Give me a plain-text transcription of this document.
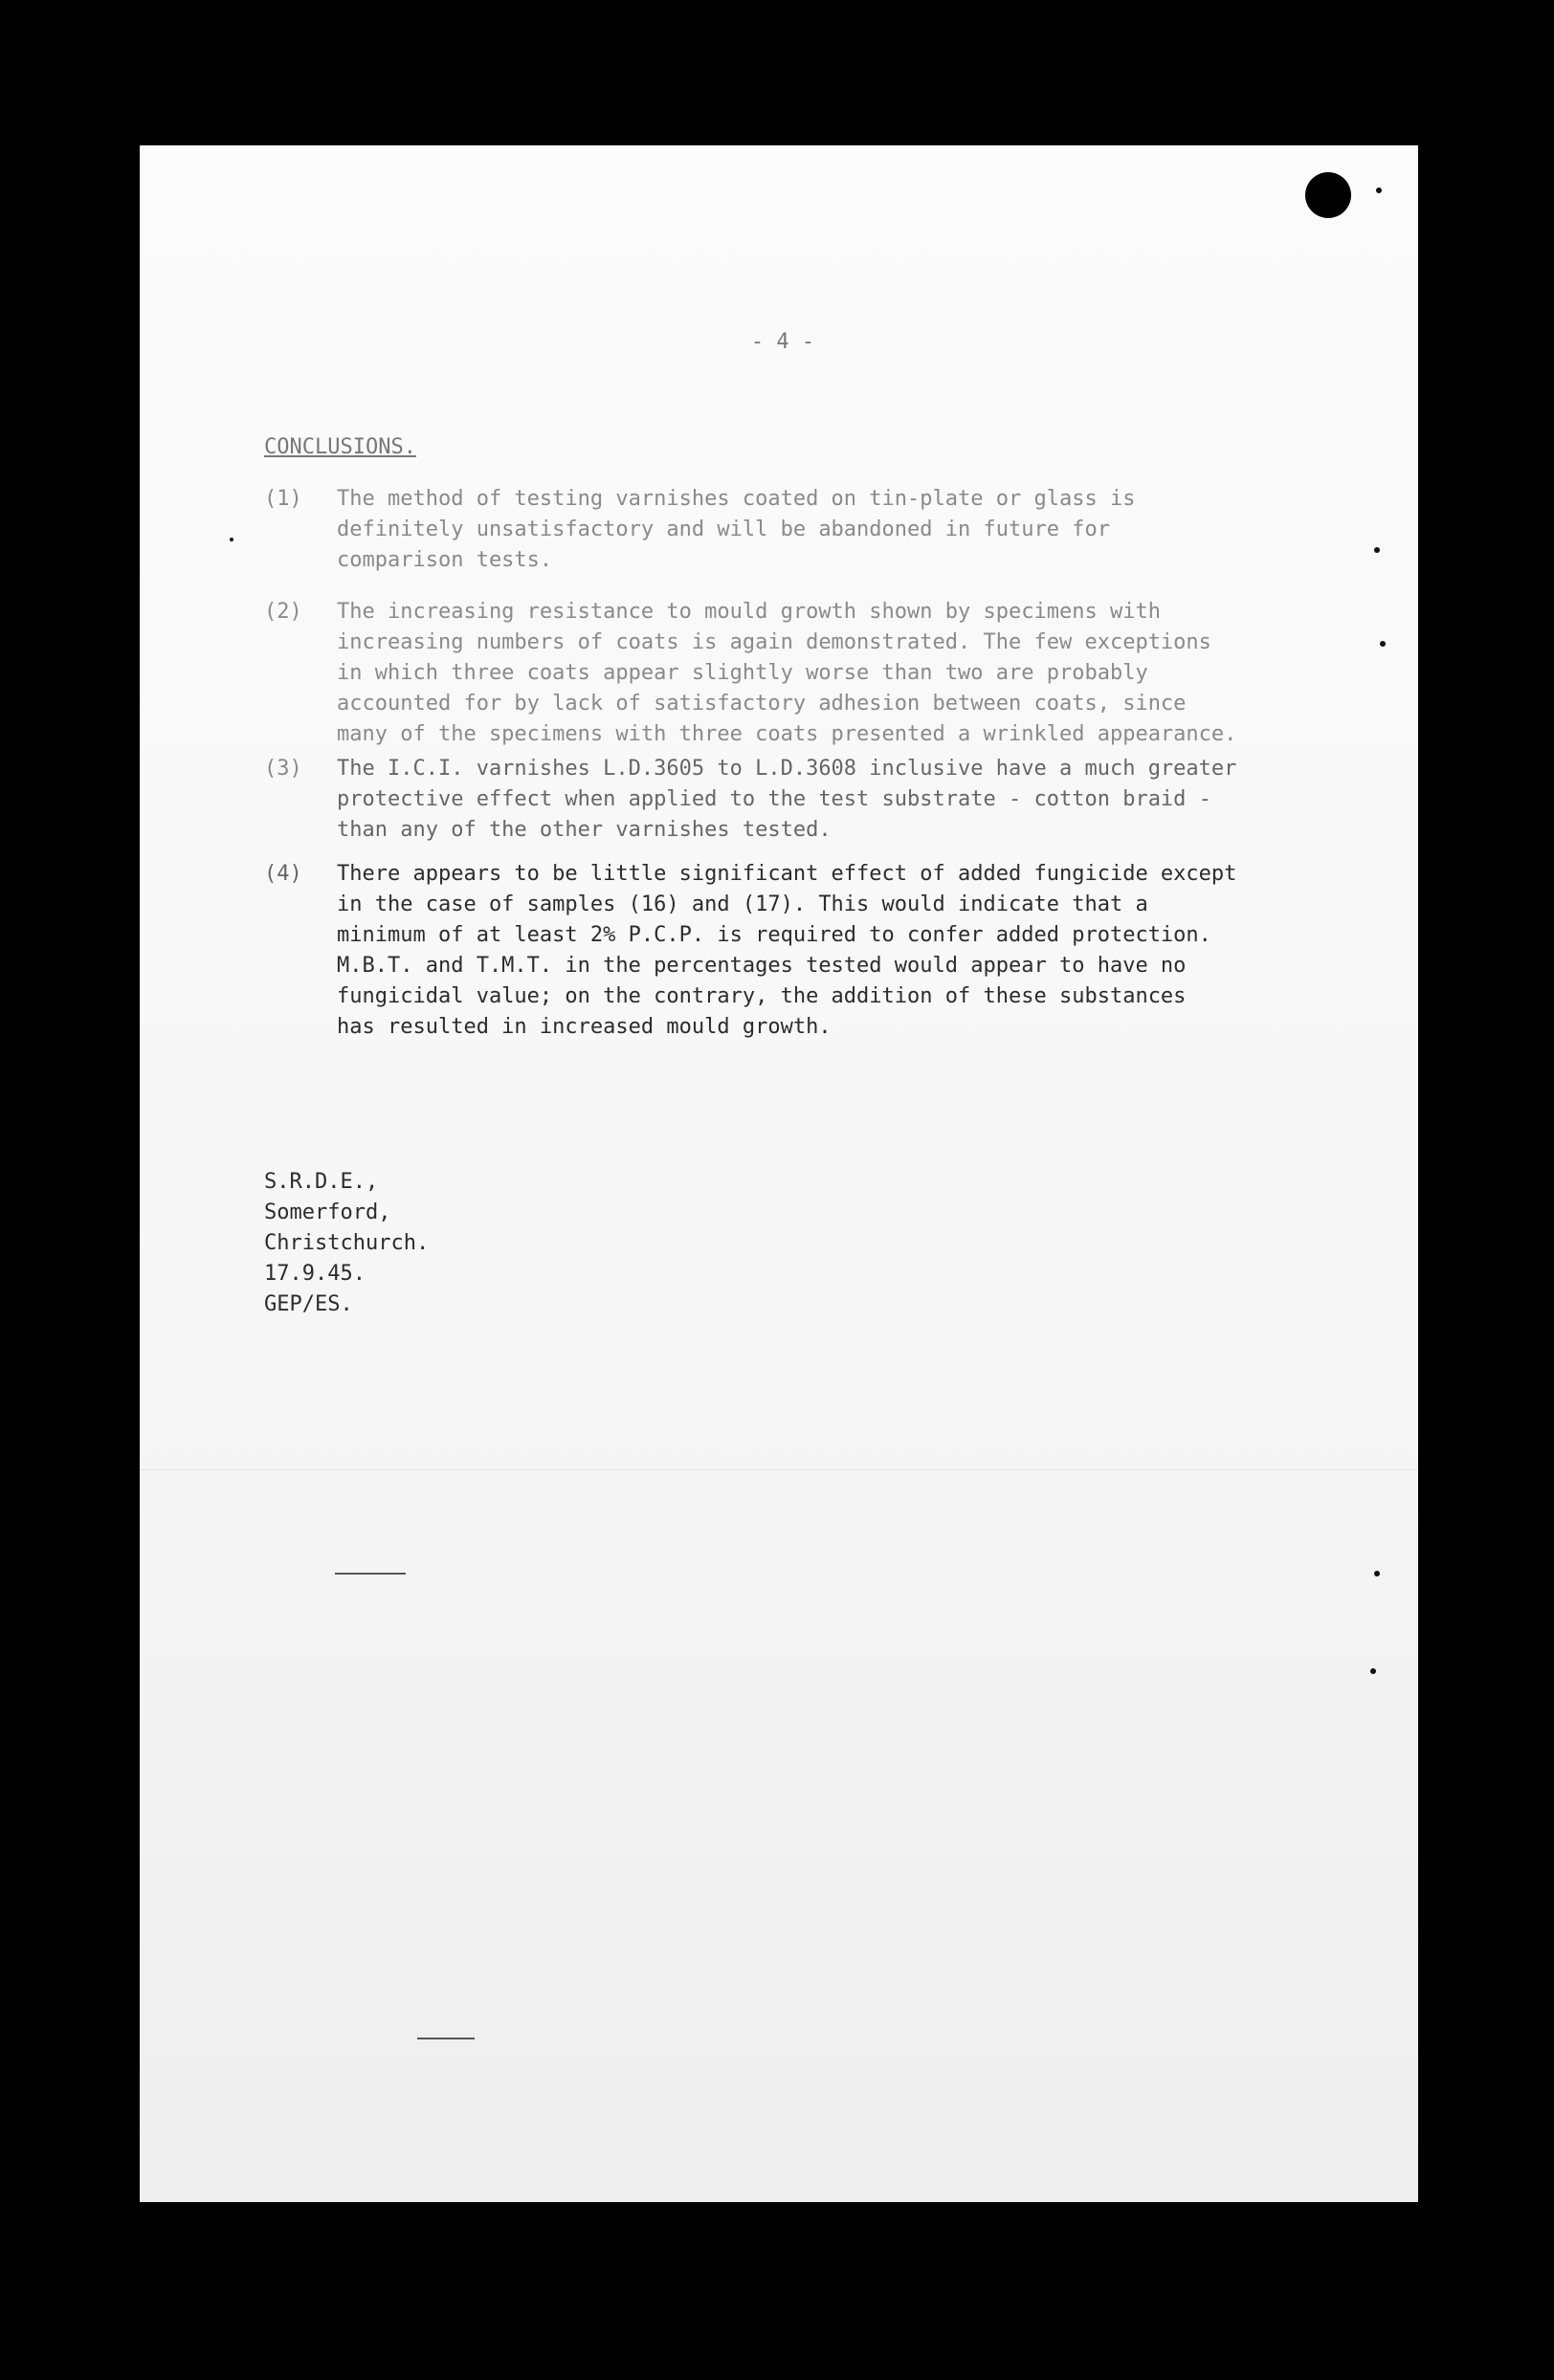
- 4 -
CONCLUSIONS.
(1)	The method of testing varnishes coated on tin-plate or glass is
definitely unsatisfactory and will be abandoned in future for
comparison tests.
(2)	The increasing resistance to mould growth shown by specimens with
increasing numbers of coats is again demonstrated. The few exceptions
in which three coats appear slightly worse than two are probably
accounted for by lack of satisfactory adhesion between coats, since
many of the specimens with three coats presented a wrinkled appearance.
(3)	The I.C.I. varnishes L.D.3605 to L.D.3608 inclusive have a much greater
protective effect when applied to the test substrate - cotton braid -
than any of the other varnishes tested.
(4)	There appears to be little significant effect of added fungicide except
in the case of samples (16) and (17). This would indicate that a
minimum of at least 2% P.C.P. is required to confer added protection.
M.B.T. and T.M.T. in the percentages tested would appear to have no
fungicidal value; on the contrary, the addition of these substances
has resulted in increased mould growth.
S.R.D.E.,
Somerford,
Christchurch.
17.9.45.
GEP/ES.
